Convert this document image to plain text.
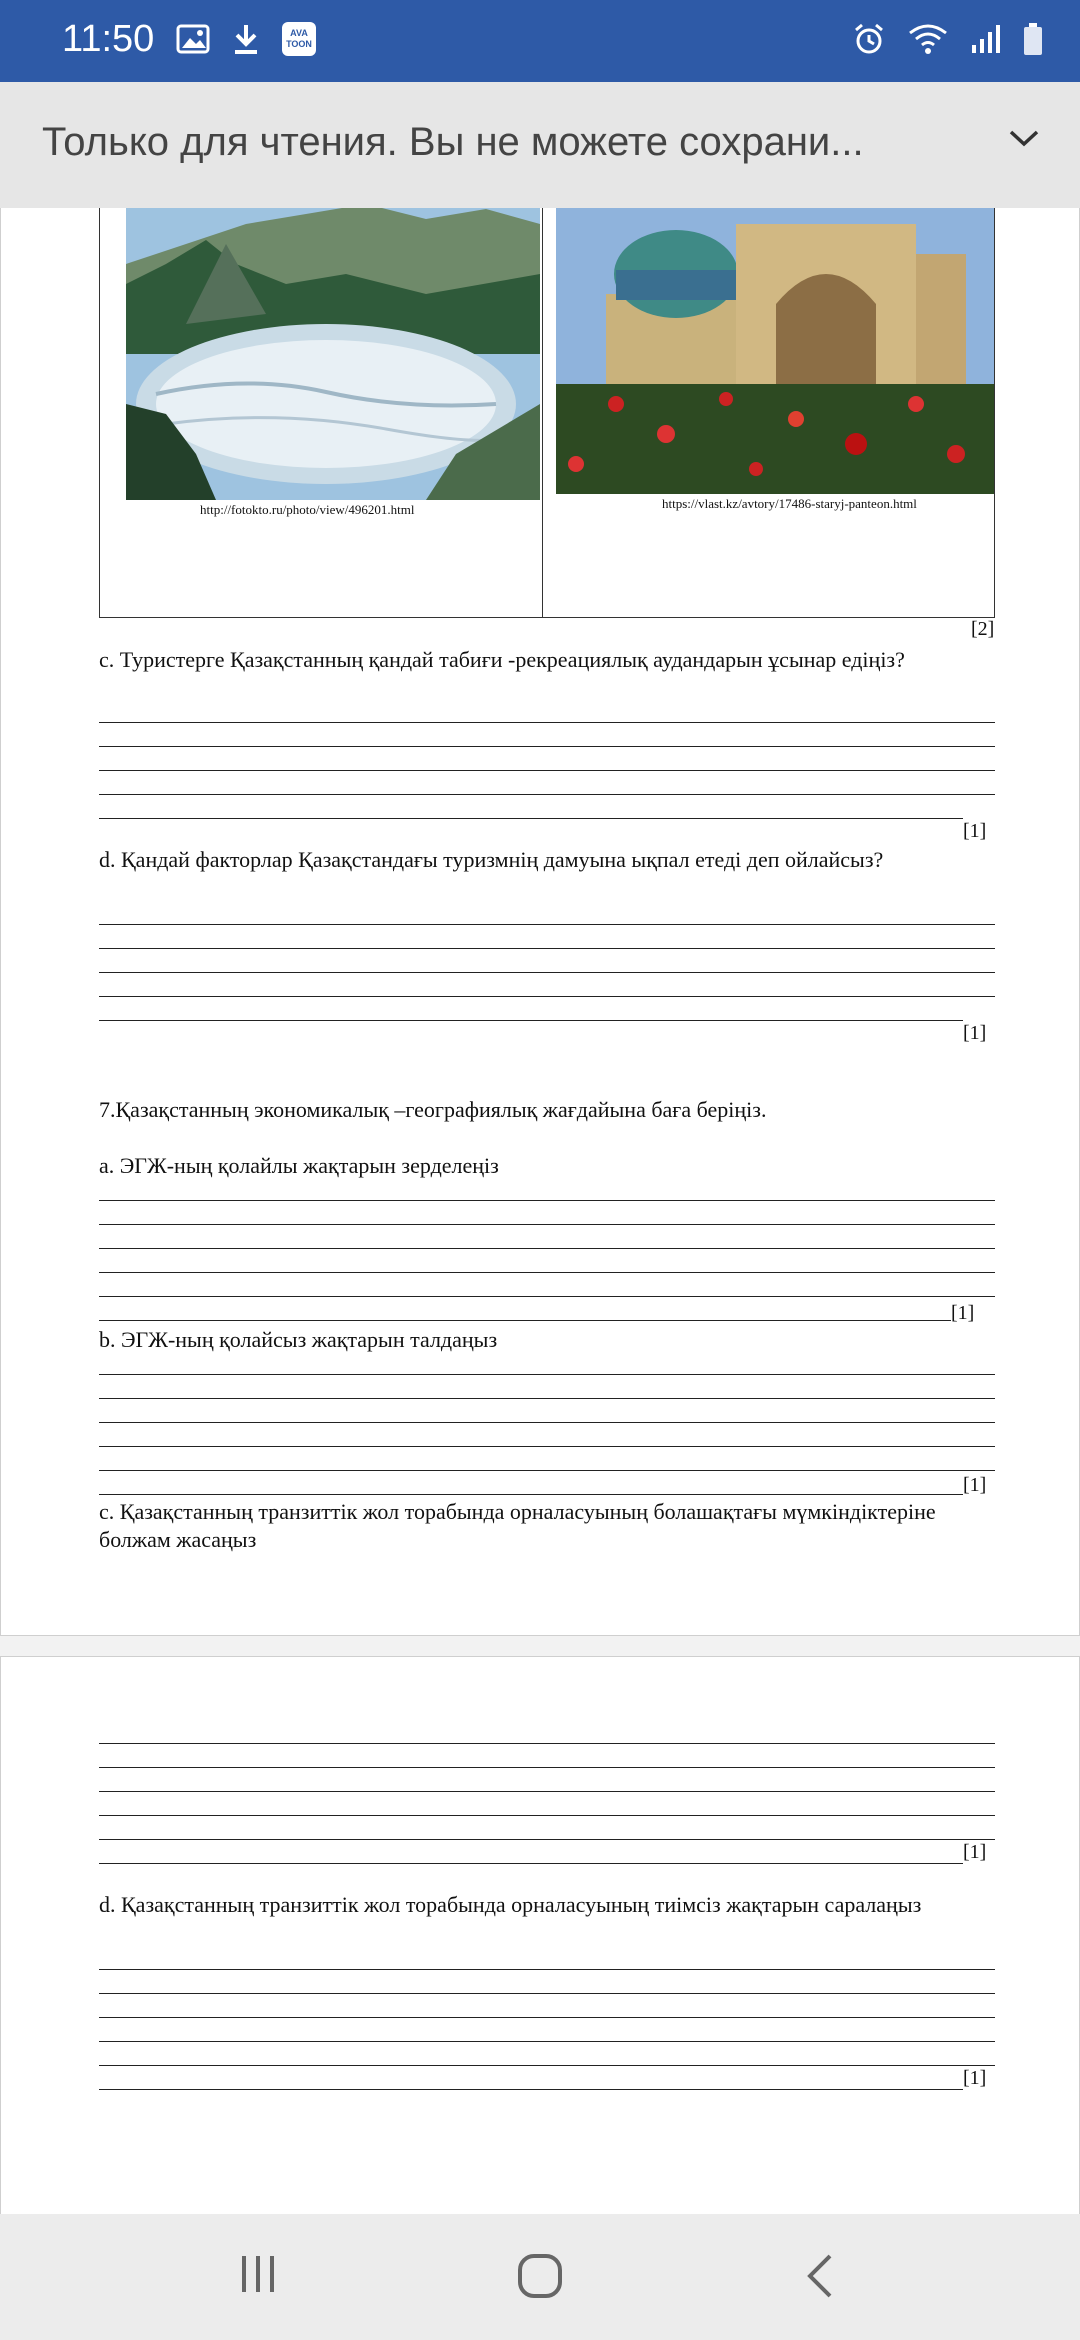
11:50	AVA TOON
Только для чтения. Вы не можете сохрани...
http://fotokto.ru/photo/view/496201.html	https://vlast.kz/avtory/17486-staryj-panteon.html
[2]
c. Туристерге Қазақстанның қандай табиғи -рекреациялық аудандарын ұсынар едіңіз?
[1]
d. Қандай факторлар Қазақстандағы туризмнің дамуына ықпал етеді деп ойлайсыз?
[1]
7.Қазақстанның экономикалық –географиялық жағдайына баға беріңіз.
a. ЭГЖ-ның қолайлы жақтарын зерделеңіз
[1]
b. ЭГЖ-ның қолайсыз жақтарын талдаңыз
[1]
c. Қазақстанның транзиттік жол торабында орналасуының болашақтағы мүмкіндіктеріне болжам жасаңыз
[1]
d. Қазақстанның транзиттік жол торабында орналасуының тиімсіз жақтарын саралаңыз
[1]
